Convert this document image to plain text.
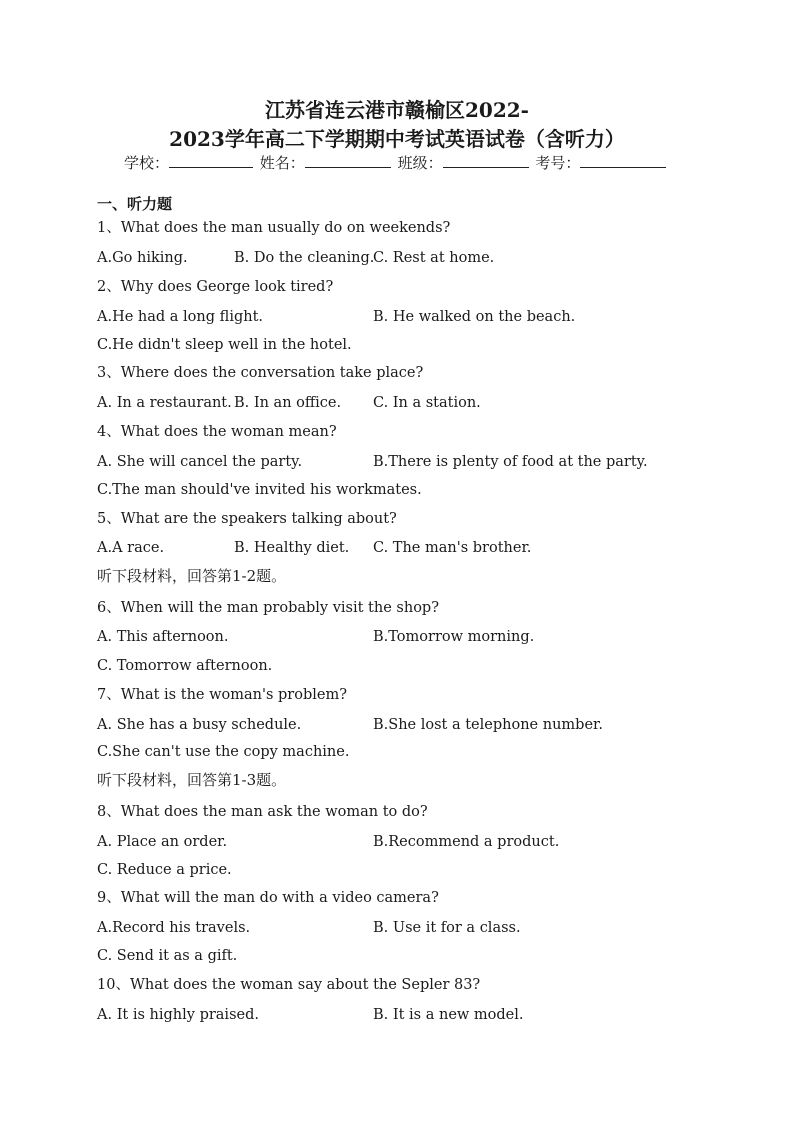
江苏省连云港市赣榆区2022-
2023学年高二下学期期中考试英语试卷（含听力）
学校：	姓名：	班级：	考号：
一、听力题
1、What does the man usually do on weekends?
A.Go hiking.	B. Do the cleaning.
C. Rest at home.
2、Why does George look tired?
A.He had a long flight.	B. He walked on the beach.
C.He didn't sleep well in the hotel.
3、Where does the conversation take place?
A. In a restaurant. B. In an office. C. In a station.
4、What does the woman mean?
A. She will cancel the party.	B.There is plenty of food at the party.
C.The man should've invited his workmates.
5、What are the speakers talking about?
A.A race.	B. Healthy diet. C. The man's brother.
听下段材料，回答第1-2题。
6、When will the man probably visit the shop?
A. This afternoon.	B.Tomorrow morning.
C. Tomorrow afternoon.
7、What is the woman's problem?
A. She has a busy schedule.	B.She lost a telephone number.
C.She can't use the copy machine.
听下段材料，回答第1-3题。
8、What does the man ask the woman to do?
A. Place an order.	B.Recommend a product.
C. Reduce a price.
9、What will the man do with a video camera?
A.Record his travels.	B. Use it for a class.
C. Send it as a gift.
10、What does the woman say about the Sepler 83?
A. It is highly praised.	B. It is a new model.
